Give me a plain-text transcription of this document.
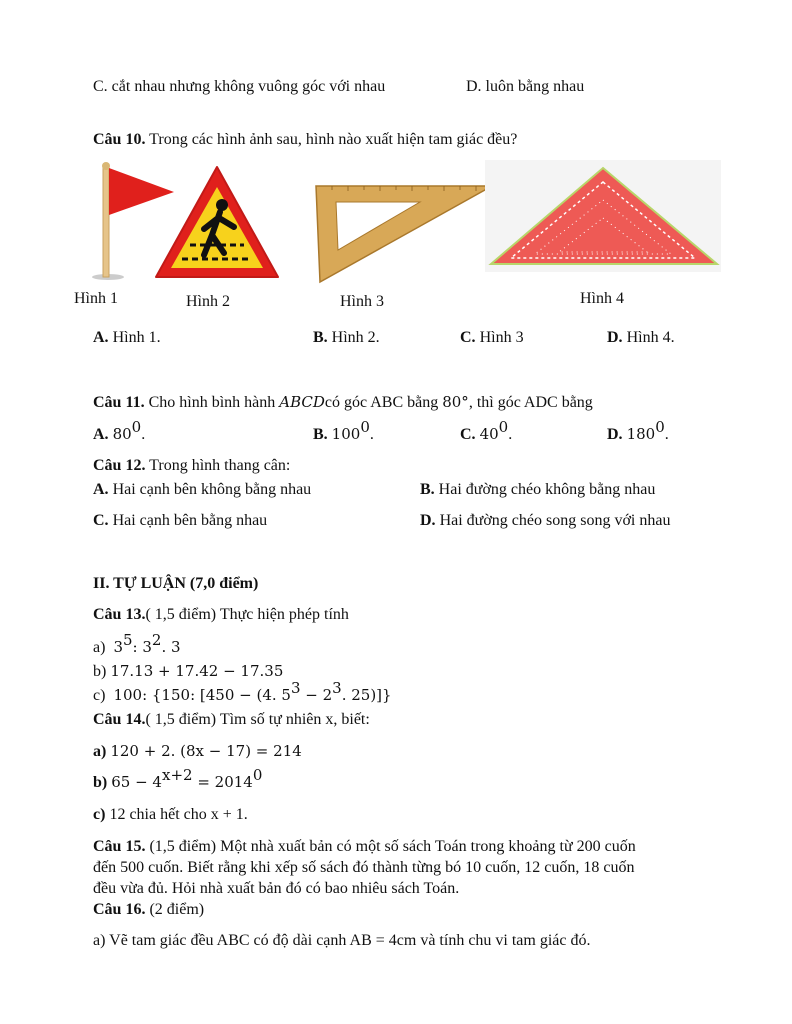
C. cắt nhau nhưng không vuông góc với nhau	D. luôn bằng nhau
Câu 10. Trong các hình ảnh sau, hình nào xuất hiện tam giác đều?
Hình 1	Hình 2	Hình 3	Hình 4
A. Hình 1.	B. Hình 2.	C. Hình 3	D. Hình 4.
Câu 11. Cho hình bình hành ABCDcó góc ABC bằng 80°, thì góc ADC bằng
A. $80^0$.	B. $100^0$.	C. $40^0$.	D. $180^0$.
Câu 12. Trong hình thang cân:
A. Hai cạnh bên không bằng nhau	B. Hai đường chéo không bằng nhau
C. Hai cạnh bên bằng nhau	D. Hai đường chéo song song với nhau
II. TỰ LUẬN (7,0 điểm)
Câu 13.( 1,5 điểm) Thực hiện phép tính
a) $3^5$: $3^2$. 3
b) 17.13 + 17.42 − 17.35
c) 100: {150: [450 − (4. $5^3 - 2^3$. 25)]}
Câu 14.( 1,5 điểm) Tìm số tự nhiên x, biết:
a) 120 + 2. (8x − 17) = 214
b) $65 - 4^{x+2} = 2014^0$
c) 12 chia hết cho x + 1.
Câu 15. (1,5 điểm) Một nhà xuất bản có một số sách Toán trong khoảng từ 200 cuốn
đến 500 cuốn. Biết rằng khi xếp số sách đó thành từng bó 10 cuốn, 12 cuốn, 18 cuốn
đều vừa đủ. Hỏi nhà xuất bản đó có bao nhiêu sách Toán.
Câu 16. (2 điểm)
a) Vẽ tam giác đều ABC có độ dài cạnh AB = 4cm và tính chu vi tam giác đó.
